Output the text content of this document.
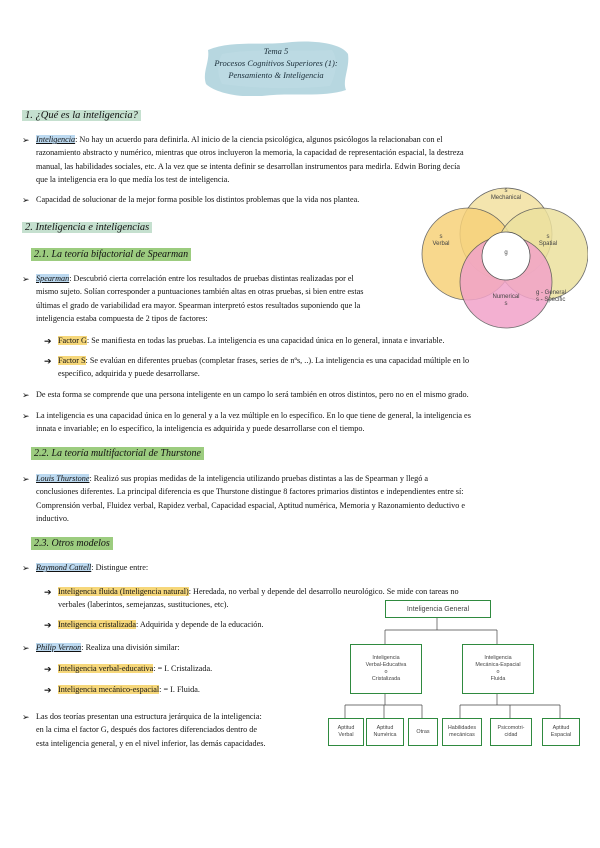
Tema 5
Procesos Cognitivos Superiores (1):
Pensamiento & Inteligencia
1. ¿Qué es la inteligencia?
➢ Inteligencia: No hay un acuerdo para definirla. Al inicio de la ciencia psicológica, algunos psicólogos la relacionaban con el
razonamiento abstracto y numérico, mientras que otros incluyeron la memoria, la capacidad de representación espacial, la destreza
manual, las habilidades sociales, etc. A la vez que se intenta definir se desarrollan instrumentos para medirla. Edwin Boring decía
que la inteligencia era lo que medía los test de inteligencia.
➢ Capacidad de solucionar de la mejor forma posible los distintos problemas que la vida nos plantea.
2. Inteligencia e inteligencias
2.1. La teoría bifactorial de Spearman
➢ Spearman: Descubrió cierta correlación entre los resultados de pruebas distintas realizadas por el
mismo sujeto. Solían corresponder a puntuaciones también altas en otras pruebas, si bien entre estas
últimas el grado de variabilidad era mayor. Spearman interpretó estos resultados suponiendo que la
inteligencia estaba compuesta de 2 tipos de factores:
➔ Factor G: Se manifiesta en todas las pruebas. La inteligencia es una capacidad única en lo general, innata e invariable.
➔ Factor S: Se evalúan en diferentes pruebas (completar frases, series de nºs, ..). La inteligencia es una capacidad múltiple en lo
específico, adquirida y puede desarrollarse.
➢ De esta forma se comprende que una persona inteligente en un campo lo será también en otros distintos, pero no en el mismo grado.
➢ La inteligencia es una capacidad única en lo general y a la vez múltiple en lo específico. En lo que tiene de general, la inteligencia es
innata e invariable; en lo específico, la inteligencia es adquirida y puede desarrollarse con el tiempo.
2.2. La teoría multifactorial de Thurstone
➢ Louis Thurstone: Realizó sus propias medidas de la inteligencia utilizando pruebas distintas a las de Spearman y llegó a
conclusiones diferentes. La principal diferencia es que Thurstone distingue 8 factores primarios distintos e independientes entre sí:
Comprensión verbal, Fluidez verbal, Rapidez verbal, Capacidad espacial, Aptitud numérica, Memoria y Razonamiento deductivo e
inductivo.
2.3. Otros modelos
➢ Raymond Cattell: Distingue entre:
➔ Inteligencia fluida (Inteligencia natural): Heredada, no verbal y depende del desarrollo neurológico. Se mide con tareas no
verbales (laberintos, semejanzas, sustituciones, etc).
➔ Inteligencia cristalizada: Adquirida y depende de la educación.
➢ Philip Vernon: Realiza una división similar:
➔ Inteligencia verbal-educativa: = I. Cristalizada.
➔ Inteligencia mecánico-espacial: = I. Fluida.
➢ Las dos teorías presentan una estructura jerárquica de la inteligencia:
en la cima el factor G, después dos factores diferenciados dentro de
esta inteligencia general, y en el nivel inferior, las demás capacidades.
s
Mechanical
s
Verbal
s
Spatial
g
Numerical
s
g - General
s - Specific
Inteligencia General
Inteligencia
Verbal-Educativa
o
Cristalizada
Inteligencia
Mecánica-Espacial
o
Fluida
Aptitud
Verbal
Aptitud
Numérica
Otras
Habilidades
mecánicas
Psicomotri-
cidad
Aptitud
Espacial
